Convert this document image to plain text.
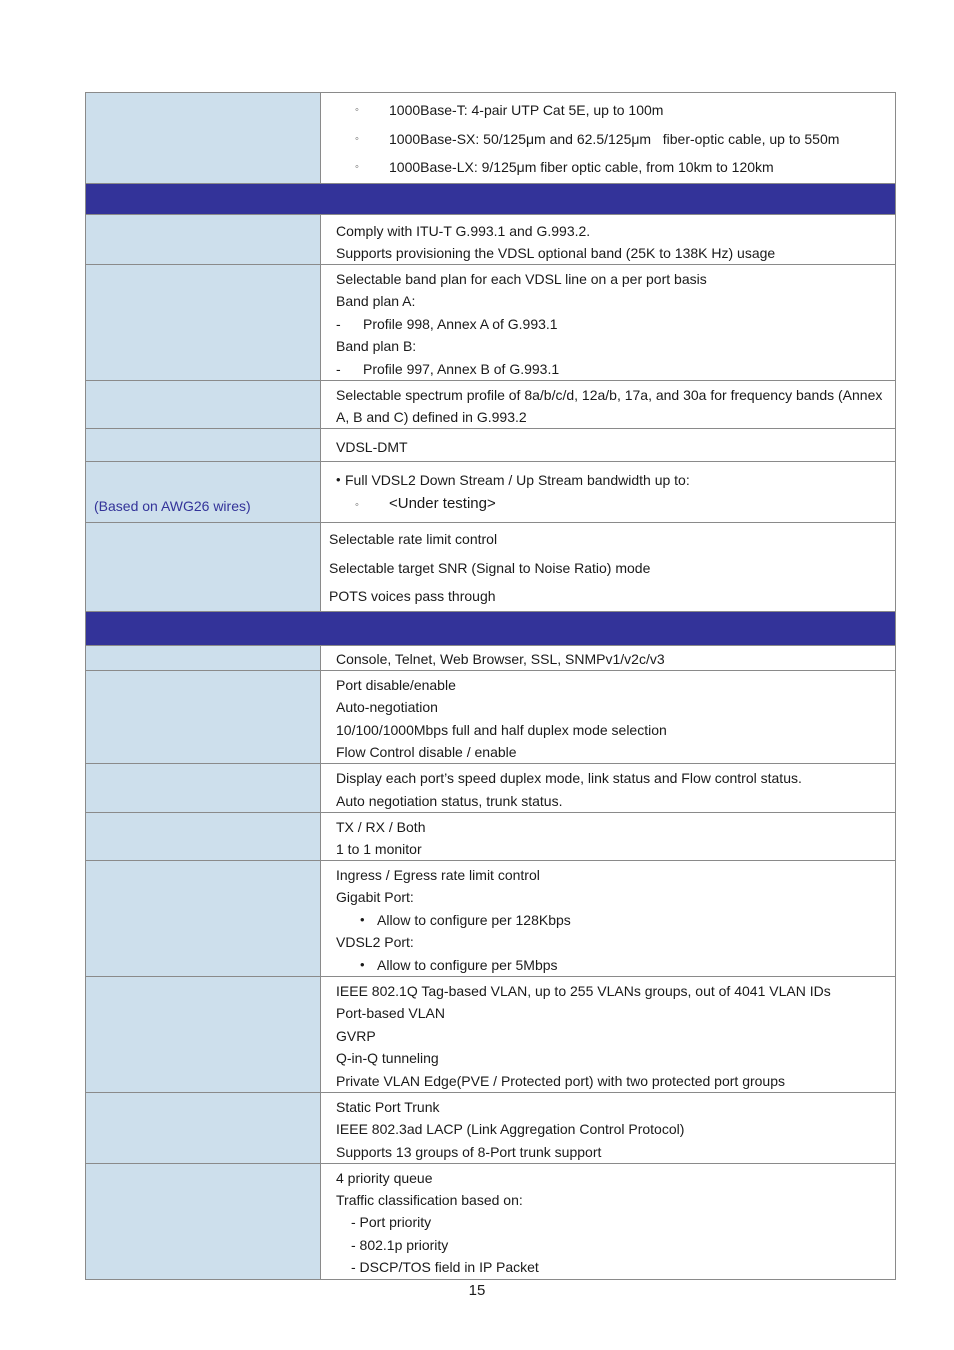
◦ 1000Base-T: 4-pair UTP Cat 5E, up to 100m
◦ 1000Base-SX: 50/125μm and 62.5/125μm   fiber-optic cable, up to 550m
◦ 1000Base-LX: 9/125μm fiber optic cable, from 10km to 120km
Comply with ITU-T G.993.1 and G.993.2.
Supports provisioning the VDSL optional band (25K to 138K Hz) usage
Selectable band plan for each VDSL line on a per port basis
Band plan A:
- Profile 998, Annex A of G.993.1
Band plan B:
- Profile 997, Annex B of G.993.1
Selectable spectrum profile of 8a/b/c/d, 12a/b, 17a, and 30a for frequency bands (Annex
A, B and C) defined in G.993.2
VDSL-DMT
(Based on AWG26 wires)
• Full VDSL2 Down Stream / Up Stream bandwidth up to:
◦ <Under testing>
Selectable rate limit control
Selectable target SNR (Signal to Noise Ratio) mode
POTS voices pass through
Console, Telnet, Web Browser, SSL, SNMPv1/v2c/v3
Port disable/enable
Auto-negotiation
10/100/1000Mbps full and half duplex mode selection
Flow Control disable / enable
Display each port’s speed duplex mode, link status and Flow control status.
Auto negotiation status, trunk status.
TX / RX / Both
1 to 1 monitor
Ingress / Egress rate limit control
Gigabit Port:
• Allow to configure per 128Kbps
VDSL2 Port:
• Allow to configure per 5Mbps
IEEE 802.1Q Tag-based VLAN, up to 255 VLANs groups, out of 4041 VLAN IDs
Port-based VLAN
GVRP
Q-in-Q tunneling
Private VLAN Edge(PVE / Protected port) with two protected port groups
Static Port Trunk
IEEE 802.3ad LACP (Link Aggregation Control Protocol)
Supports 13 groups of 8-Port trunk support
4 priority queue
Traffic classification based on:
- Port priority
- 802.1p priority
- DSCP/TOS field in IP Packet
15
